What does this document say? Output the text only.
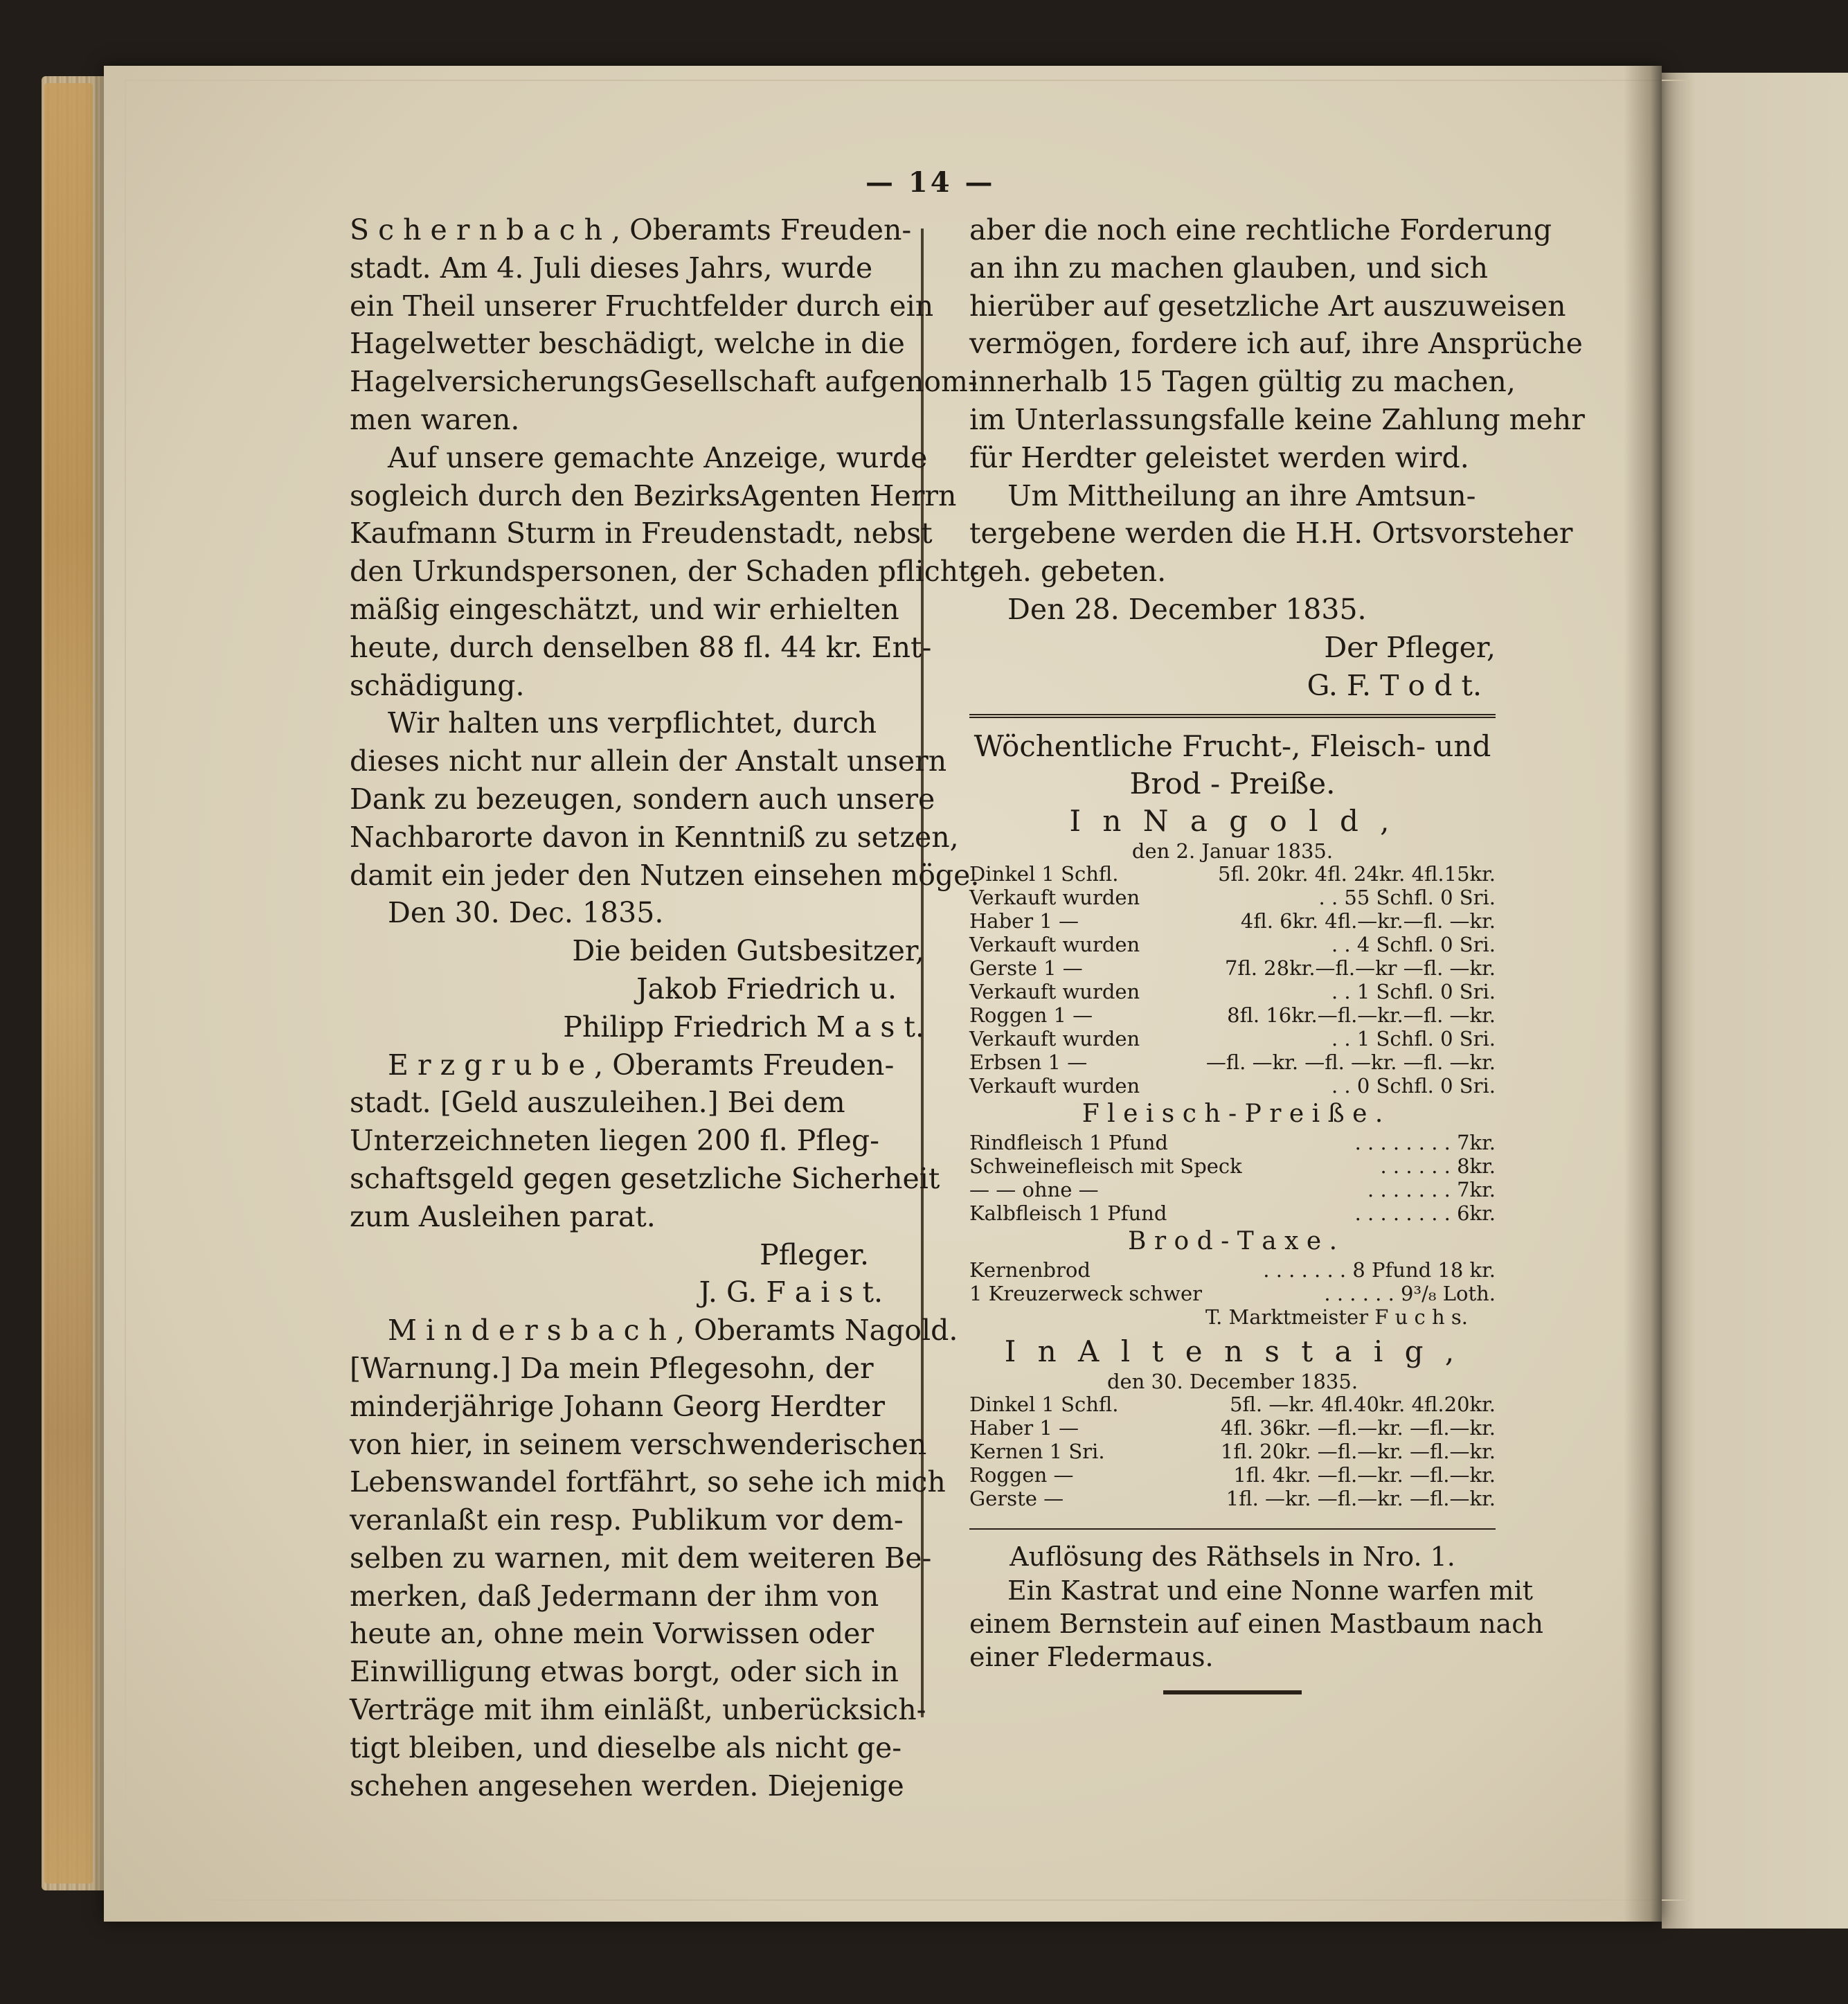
— 14 —
S c h e r n b a c h , Oberamts Freuden-
stadt. Am 4. Juli dieses Jahrs, wurde
ein Theil unserer Fruchtfelder durch ein
Hagelwetter beschädigt, welche in die
HagelversicherungsGesellschaft aufgenom-
men waren.
Auf unsere gemachte Anzeige, wurde
sogleich durch den BezirksAgenten Herrn
Kaufmann Sturm in Freudenstadt, nebst
den Urkundspersonen, der Schaden pflicht-
mäßig eingeschätzt, und wir erhielten
heute, durch denselben 88 fl. 44 kr. Ent-
schädigung.
Wir halten uns verpflichtet, durch
dieses nicht nur allein der Anstalt unsern
Dank zu bezeugen, sondern auch unsere
Nachbarorte davon in Kenntniß zu setzen,
damit ein jeder den Nutzen einsehen möge.
Den 30. Dec. 1835.
Die beiden Gutsbesitzer,
Jakob Friedrich u.
Philipp Friedrich M a s t.
E r z g r u b e , Oberamts Freuden-
stadt. [Geld auszuleihen.] Bei dem
Unterzeichneten liegen 200 fl. Pfleg-
schaftsgeld gegen gesetzliche Sicherheit
zum Ausleihen parat.
Pfleger.
J. G. F a i s t.
M i n d e r s b a c h , Oberamts Nagold.
[Warnung.] Da mein Pflegesohn, der
minderjährige Johann Georg Herdter
von hier, in seinem verschwenderischen
Lebenswandel fortfährt, so sehe ich mich
veranlaßt ein resp. Publikum vor dem-
selben zu warnen, mit dem weiteren Be-
merken, daß Jedermann der ihm von
heute an, ohne mein Vorwissen oder
Einwilligung etwas borgt, oder sich in
Verträge mit ihm einläßt, unberücksich-
tigt bleiben, und dieselbe als nicht ge-
schehen angesehen werden. Diejenige
aber die noch eine rechtliche Forderung
an ihn zu machen glauben, und sich
hierüber auf gesetzliche Art auszuweisen
vermögen, fordere ich auf, ihre Ansprüche
innerhalb 15 Tagen gültig zu machen,
im Unterlassungsfalle keine Zahlung mehr
für Herdter geleistet werden wird.
Um Mittheilung an ihre Amtsun-
tergebene werden die H.H. Ortsvorsteher
geh. gebeten.
Den 28. December 1835.
Der Pfleger,
G. F. T o d t.
Wöchentliche Frucht-, Fleisch- und
Brod - Preiße.
I n N a g o l d ,
den 2. Januar 1835.
Dinkel 1 Schfl.	5fl. 20kr. 4fl. 24kr. 4fl.15kr.
Verkauft wurden	. . 55 Schfl. 0 Sri.
Haber 1 —	4fl. 6kr. 4fl.—kr.—fl. —kr.
Verkauft wurden	. . 4 Schfl. 0 Sri.
Gerste 1 —	7fl. 28kr.—fl.—kr —fl. —kr.
Verkauft wurden	. . 1 Schfl. 0 Sri.
Roggen 1 —	8fl. 16kr.—fl.—kr.—fl. —kr.
Verkauft wurden	. . 1 Schfl. 0 Sri.
Erbsen 1 —	—fl. —kr. —fl. —kr. —fl. —kr.
Verkauft wurden	. . 0 Schfl. 0 Sri.
F l e i s c h - P r e i ß e .
Rindfleisch 1 Pfund	. . . . . . . . 7kr.
Schweinefleisch mit Speck	. . . . . . 8kr.
— — ohne —	. . . . . . . 7kr.
Kalbfleisch 1 Pfund	. . . . . . . . 6kr.
B r o d - T a x e .
Kernenbrod	. . . . . . . 8 Pfund 18 kr.
1 Kreuzerweck schwer	. . . . . . 9³/₈ Loth.
T. Marktmeister F u c h s.
I n A l t e n s t a i g ,
den 30. December 1835.
Dinkel 1 Schfl.	5fl. —kr. 4fl.40kr. 4fl.20kr.
Haber 1 —	4fl. 36kr. —fl.—kr. —fl.—kr.
Kernen 1 Sri.	1fl. 20kr. —fl.—kr. —fl.—kr.
Roggen —	1fl. 4kr. —fl.—kr. —fl.—kr.
Gerste —	1fl. —kr. —fl.—kr. —fl.—kr.
Auflösung des Räthsels in Nro. 1.
Ein Kastrat und eine Nonne warfen mit
einem Bernstein auf einen Mastbaum nach
einer Fledermaus.
